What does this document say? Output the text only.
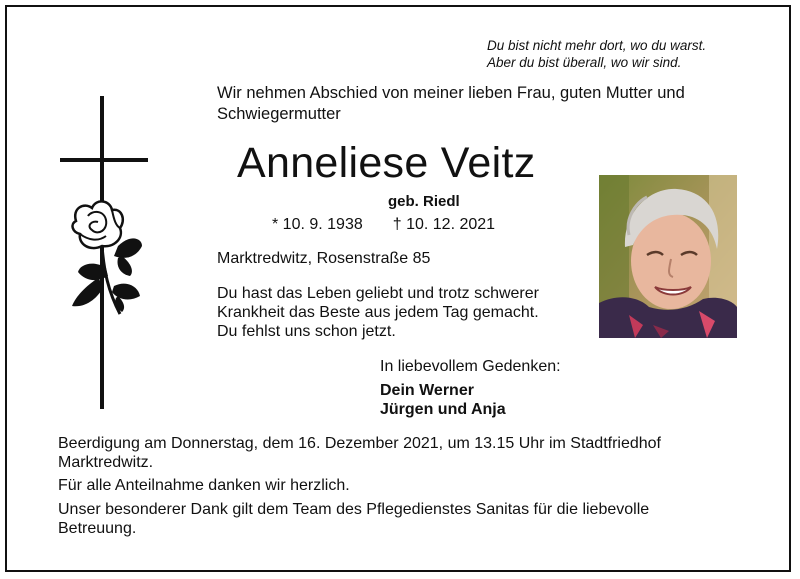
Du bist nicht mehr dort, wo du warst.
Aber du bist überall, wo wir sind.
Wir nehmen Abschied von meiner lieben Frau, guten Mutter und
Schwiegermutter
Anneliese Veitz
geb. Riedl
* 10. 9. 1938 † 10. 12. 2021
Marktredwitz, Rosenstraße 85
Du hast das Leben geliebt und trotz schwerer
Krankheit das Beste aus jedem Tag gemacht.
Du fehlst uns schon jetzt.
In liebevollem Gedenken:
Dein Werner
Jürgen und Anja
Beerdigung am Donnerstag, dem 16. Dezember 2021, um 13.15 Uhr im Stadtfriedhof
Marktredwitz.
Für alle Anteilnahme danken wir herzlich.
Unser besonderer Dank gilt dem Team des Pflegedienstes Sanitas für die liebevolle
Betreuung.
